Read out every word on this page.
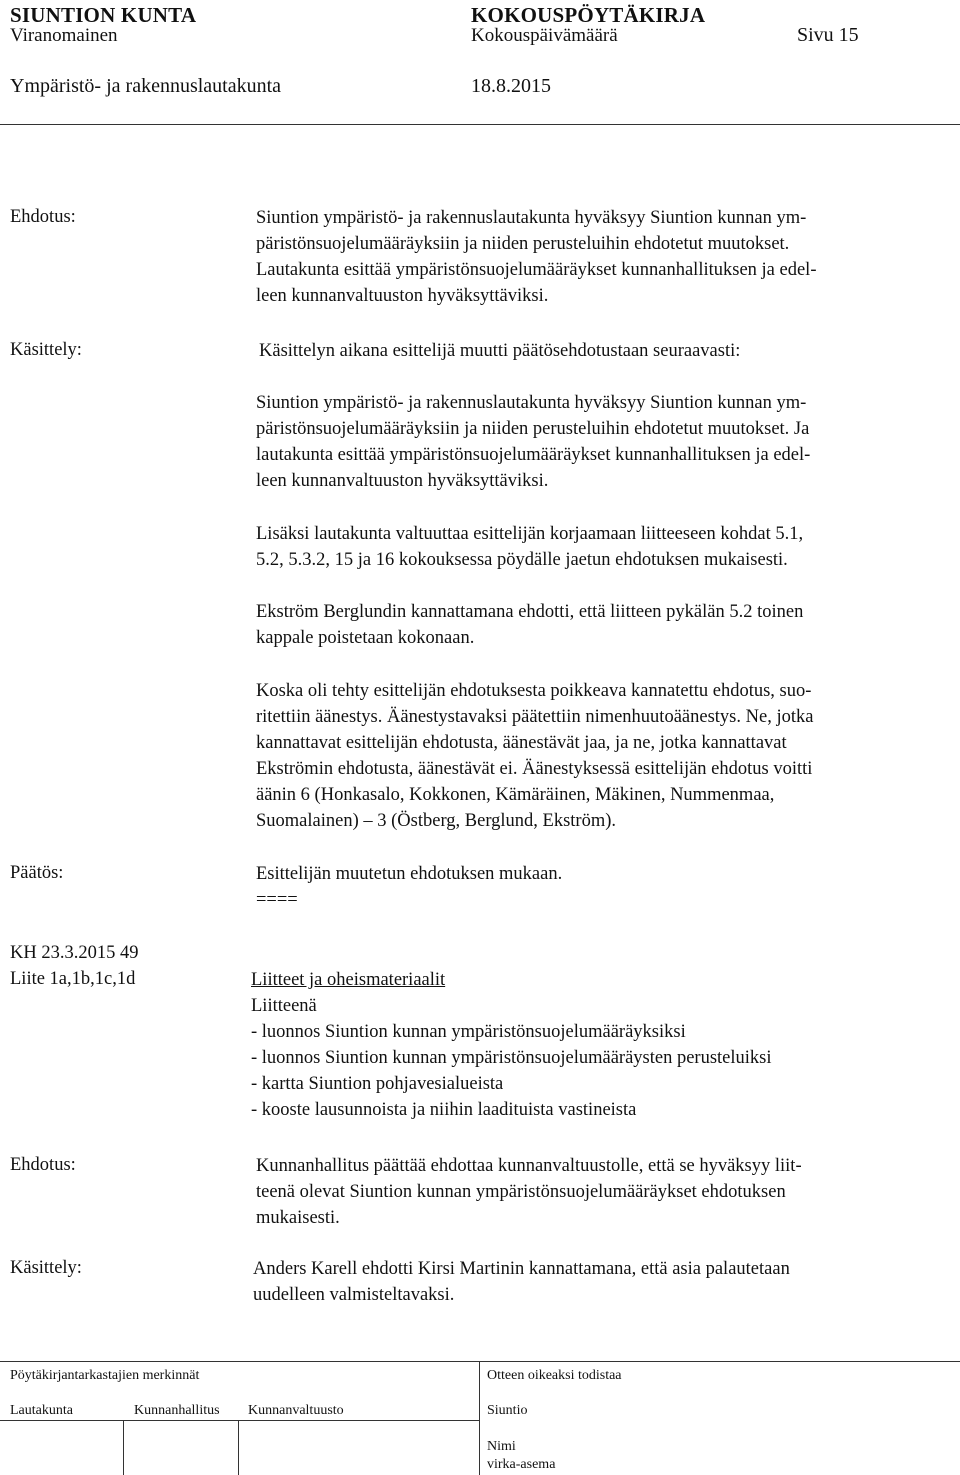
SIUNTION KUNTA	KOKOUSPÖYTÄKIRJA
Viranomainen	Kokouspäivämäärä	Sivu 15
Ympäristö- ja rakennuslautakunta	18.8.2015
Ehdotus:	Siuntion ympäristö- ja rakennuslautakunta hyväksyy Siuntion kunnan ym-

päristönsuojelumääräyksiin ja niiden perusteluihin ehdotetut muutokset.

Lautakunta esittää ympäristönsuojelumääräykset kunnanhallituksen ja edel-

leen kunnanvaltuuston hyväksyttäviksi.

Käsittely:	Käsittelyn aikana esittelijä muutti päätösehdotustaan seuraavasti:

Siuntion ympäristö- ja rakennuslautakunta hyväksyy Siuntion kunnan ym-

päristönsuojelumääräyksiin ja niiden perusteluihin ehdotetut muutokset. Ja

lautakunta esittää ympäristönsuojelumääräykset kunnanhallituksen ja edel-

leen kunnanvaltuuston hyväksyttäviksi.

Lisäksi lautakunta valtuuttaa esittelijän korjaamaan liitteeseen kohdat 5.1,

5.2, 5.3.2, 15 ja 16 kokouksessa pöydälle jaetun ehdotuksen mukaisesti.

Ekström Berglundin kannattamana ehdotti, että liitteen pykälän 5.2 toinen

kappale poistetaan kokonaan.

Koska oli tehty esittelijän ehdotuksesta poikkeava kannatettu ehdotus, suo-

ritettiin äänestys. Äänestystavaksi päätettiin nimenhuutoäänestys. Ne, jotka

kannattavat esittelijän ehdotusta, äänestävät jaa, ja ne, jotka kannattavat

Ekströmin ehdotusta, äänestävät ei. Äänestyksessä esittelijän ehdotus voitti

äänin 6 (Honkasalo, Kokkonen, Kämäräinen, Mäkinen, Nummenmaa,

Suomalainen) – 3 (Östberg, Berglund, Ekström).

Päätös:	Esittelijän muutetun ehdotuksen mukaan.

====

KH 23.3.2015 49
Liite 1a,1b,1c,1d	Liitteet ja oheismateriaalit

Liitteenä

- luonnos Siuntion kunnan ympäristönsuojelumääräyksiksi

- luonnos Siuntion kunnan ympäristönsuojelumääräysten perusteluiksi

- kartta Siuntion pohjavesialueista

- kooste lausunnoista ja niihin laadituista vastineista

Ehdotus:	Kunnanhallitus päättää ehdottaa kunnanvaltuustolle, että se hyväksyy liit-

teenä olevat Siuntion kunnan ympäristönsuojelumääräykset ehdotuksen

mukaisesti.

Käsittely:	Anders Karell ehdotti Kirsi Martinin kannattamana, että asia palautetaan

uudelleen valmisteltavaksi.

Pöytäkirjantarkastajien merkinnät	Otteen oikeaksi todistaa
Lautakunta	Kunnanhallitus Kunnanvaltuusto	Siuntio
Nimi
virka-asema
